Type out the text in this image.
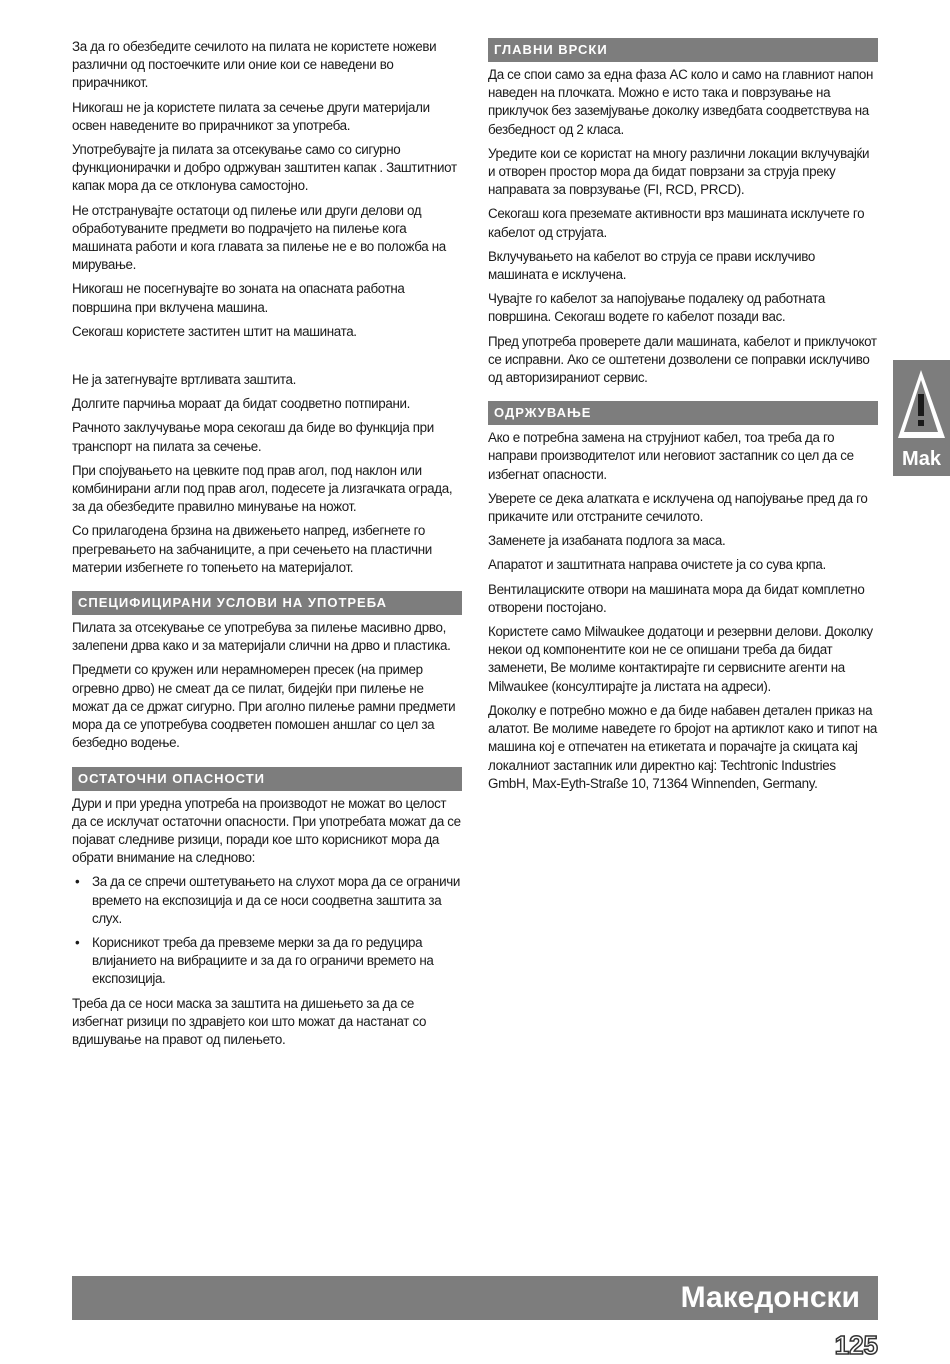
За да го обезбедите сечилото на пилата не користете ножеви различни од постоечките или оние кои се наведени во прирачникот.

Никогаш не ја користете пилата за сечење други материјали освен наведените во прирачникот за употреба.

Употребувајте ја пилата за отсекување само со сигурно функционирачки и добро одржуван заштитен капак . Заштитниот капак мора да се отклонува самостојно.

Не отстранувајте остатоци од пилење или други делови од обработуваните предмети во подрачјето на пилење кога машината работи и кога главата за пилење не е во положба на мирување.

Никогаш не посегнувајте во зоната на опасната работна површина при вклучена машина.

Секогаш користете заститен штит на машината.

Не ја затегнувајте вртливата заштита.

Долгите парчиња мораат да бидат соодветно потпирани.

Рачното заклучување мора секогаш да биде во функција при транспорт на пилата за сечење.

При спојувањето на цевките под прав агол, под наклон или комбинирани агли под прав агол, подесете ја лизгачката ограда, за да обезбедите правилно минување на ножот.

Со прилагодена брзина на движењето напред, избегнете го прегревањето на забчаниците, а при сечењето на пластични материи избегнете го топењето на материјалот.

СПЕЦИФИЦИРАНИ УСЛОВИ НА УПОТРЕБА

Пилата за отсекување се употребува за пилење масивно дрво, залепени дрва како и за материјали слични на дрво и пластика.

Предмети со кружен или нерамномерен пресек (на пример огревно дрво) не смеат да се пилат, бидејќи при пилење не можат да се држат сигурно. При аголно пилење рамни предмети мора да се употребува соодветен помошен аншлаг со цел за безбедно водење.

ОСТАТОЧНИ ОПАСНОСТИ

Дури и при уредна употреба на производот не можат во целост да се исклучат остаточни опасности. При употребата можат да се појават следниве ризици, поради кое што корисникот мора да обрати внимание на следново:

• За да се спречи оштетувањето на слухот мора да се ограничи времето на експозиција и да се носи соодветна заштита за слух.
• Корисникот треба да превземе мерки за да го редуцира влијанието на вибрациите и за да го ограничи времето на експозиција.

Треба да се носи маска за заштита на дишењето за да се избегнат ризици по здравјето кои што можат да настанат со вдишување на правот од пилењето.

ГЛАВНИ ВРСКИ

Да се спои само за една фаза AC коло и само на главниот напон наведен на плочката. Можно е исто така и поврзување на приклучок без заземјување доколку изведбата соодветствува на безбедност од 2 класа.

Уредите кои се користат на многу различни локации вклучувајќи и отворен простор мора да бидат поврзани за струја преку направата за поврзување (FI, RCD, PRCD).

Секогаш кога преземате активности врз машината исклучете го кабелот од струјата.

Вклучувањето на кабелот во струја се прави исклучиво машината е исклучена.

Чувајте го кабелот за напојување подалеку од работната површина. Секогаш водете го кабелот позади вас.

Пред употреба проверете дали машината, кабелот и приклучокот се исправни. Ако се оштетени дозволени се поправки исклучиво од авторизираниот сервис.

ОДРЖУВАЊЕ

Ако е потребна замена на струјниот кабел, тоа треба да го направи производителот или неговиот застапник со цел да се избегнат опасности.

Уверете се дека алатката е исклучена од напојување пред да го прикачите или отстраните сечилото.

Заменете ја изабаната подлога за маса.

Апаратот и заштитната направа очистете ја со сува крпа.

Вентилациските отвори на машината мора да бидат комплетно отворени постојано.

Користете само Milwaukee додатоци и резервни делови. Доколку некои од компонентите кои не се опишани треба да бидат заменети, Ве молиме контактирајте ги сервисните агенти на Milwaukee (консултирајте ја листата на адреси).

Доколку е потребно можно е да биде набавен детален приказ на алатот. Ве молиме наведете го бројот на артиклот како и типот на машина кој е отпечатен на етикетата и порачајте ја скицата кај локалниот застапник или директно кај: Techtronic Industries GmbH, Max-Eyth-Straße 10, 71364 Winnenden, Germany.

Mak
Македонски
125
